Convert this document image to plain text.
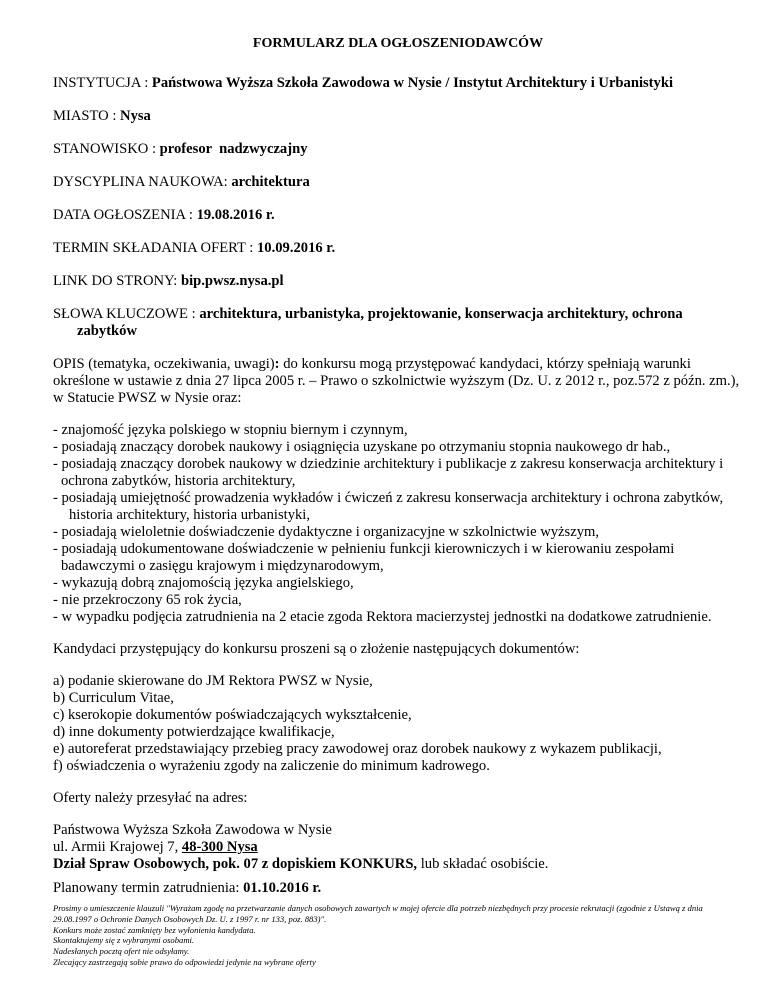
FORMULARZ DLA OGŁOSZENIODAWCÓW
INSTYTUCJA : Państwowa Wyższa Szkoła Zawodowa w Nysie / Instytut Architektury i Urbanistyki
MIASTO : Nysa
STANOWISKO : profesor  nadzwyczajny
DYSCYPLINA NAUKOWA: architektura
DATA OGŁOSZENIA : 19.08.2016 r.
TERMIN SKŁADANIA OFERT : 10.09.2016 r.
LINK DO STRONY: bip.pwsz.nysa.pl
SŁOWA KLUCZOWE : architektura, urbanistyka, projektowanie, konserwacja architektury, ochrona zabytków
OPIS (tematyka, oczekiwania, uwagi): do konkursu mogą przystępować kandydaci, którzy spełniają warunki określone w ustawie z dnia 27 lipca 2005 r. – Prawo o szkolnictwie wyższym (Dz. U. z 2012 r., poz.572 z późn. zm.), w Statucie PWSZ w Nysie oraz:
- znajomość języka polskiego w stopniu biernym i czynnym,
- posiadają znaczący dorobek naukowy i osiągnięcia uzyskane po otrzymaniu stopnia naukowego dr hab.,
- posiadają znaczący dorobek naukowy w dziedzinie architektury i publikacje z zakresu konserwacja architektury i ochrona zabytków, historia architektury,
- posiadają umiejętność prowadzenia wykładów i ćwiczeń z zakresu konserwacja architektury i ochrona zabytków, historia architektury, historia urbanistyki,
- posiadają wieloletnie doświadczenie dydaktyczne i organizacyjne w szkolnictwie wyższym,
- posiadają udokumentowane doświadczenie w pełnieniu funkcji kierowniczych i w kierowaniu zespołami badawczymi o zasięgu krajowym i międzynarodowym,
- wykazują dobrą znajomością języka angielskiego,
- nie przekroczony 65 rok życia,
- w wypadku podjęcia zatrudnienia na 2 etacie zgoda Rektora macierzystej jednostki na dodatkowe zatrudnienie.
Kandydaci przystępujący do konkursu proszeni są o złożenie następujących dokumentów:
a) podanie skierowane do JM Rektora PWSZ w Nysie,
b) Curriculum Vitae,
c) kserokopie dokumentów poświadczających wykształcenie,
d) inne dokumenty potwierdzające kwalifikacje,
e) autoreferat przedstawiający przebieg pracy zawodowej oraz dorobek naukowy z wykazem publikacji,
f) oświadczenia o wyrażeniu zgody na zaliczenie do minimum kadrowego.
Oferty należy przesyłać na adres:
Państwowa Wyższa Szkoła Zawodowa w Nysie
ul. Armii Krajowej 7, 48-300 Nysa
Dział Spraw Osobowych, pok. 07 z dopiskiem KONKURS, lub składać osobiście.
Planowany termin zatrudnienia: 01.10.2016 r.
Prosimy o umieszczenie klauzuli "Wyrażam zgodę na przetwarzanie danych osobowych zawartych w mojej ofercie dla potrzeb niezbędnych przy procesie rekrutacji (zgodnie z Ustawą z dnia 29.08.1997 o Ochronie Danych Osobowych Dz. U. z 1997 r. nr 133, poz. 883)".
Konkurs może zostać zamknięty bez wyłonienia kandydata.
Skontaktujemy się z wybranymi osobami.
Nadesłanych pocztą ofert nie odsyłamy.
Zlecający zastrzegają sobie prawo do odpowiedzi jedynie na wybrane oferty
